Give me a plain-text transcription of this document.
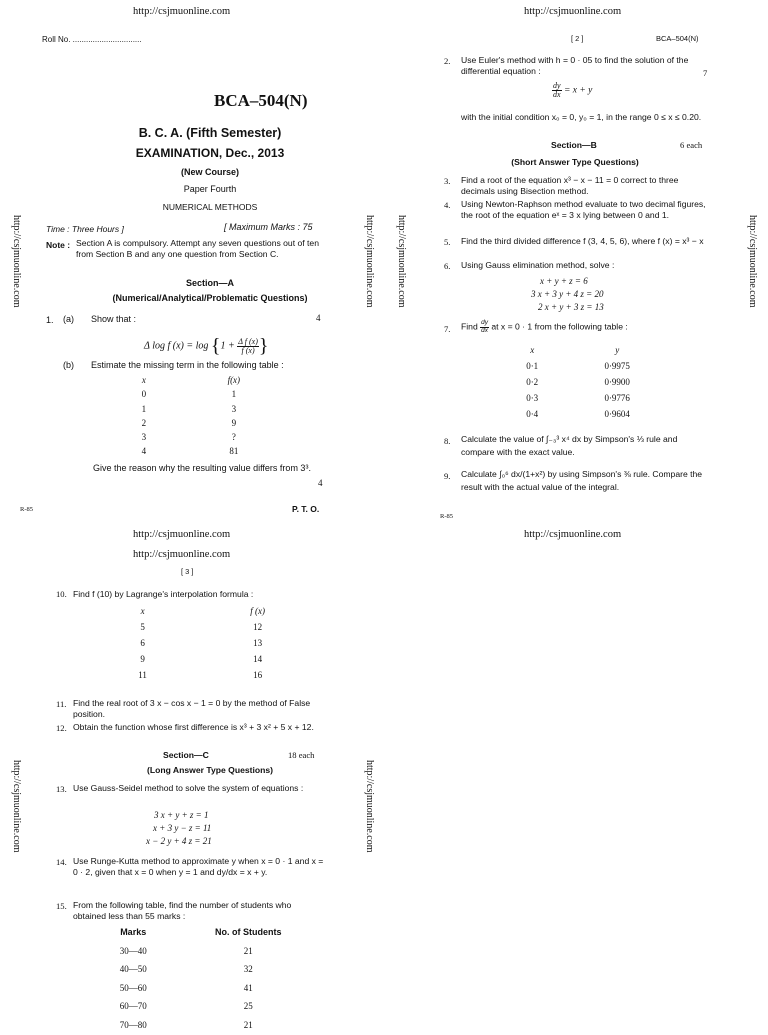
http://csjmuonline.com	http://csjmuonline.com
http://csjmuonline.com	http://csjmuonline.com http://csjmuonline.com	http://csjmuonline.com
http://csjmuonline.com	http://csjmuonline.com
Roll No. ...............................
BCA–504(N)
B. C. A. (Fifth Semester)
EXAMINATION, Dec., 2013
(New Course)
Paper Fourth
NUMERICAL METHODS
Time : Three Hours ]	[ Maximum Marks : 75
Note : Section A is compulsory. Attempt any seven questions out of ten from Section B and any one question from Section C.
Section—A
(Numerical/Analytical/Problematic Questions)
1. (a) Show that :	4
Δ log f $(x) = \log \{1 + \frac{\text{Δ f (x)}}{f (x)}$ }
(b) Estimate the missing term in the following table :
x	f(x)
0	1
1	3
2	9
3	?
4	81
Give the reason why the resulting value differs from 3³.
4
R-85	P. T. O.
[ 2 ]	BCA–504(N)
2. Use Euler's method with h = 0 · 05 to find the solution of the differential equation :	7
$\frac{dy}{dx} = x + y$
with the initial condition x₀ = 0, y₀ = 1, in the range 0 ≤ x ≤ 0.20.
Section—B	6 each
(Short Answer Type Questions)
3. Find a root of the equation x³ − x − 11 = 0 correct to three decimals using Bisection method.
4. Using Newton-Raphson method evaluate to two decimal figures, the root of the equation eˣ = 3 x lying between 0 and 1.
5. Find the third divided difference f (3, 4, 5, 6), where f (x) = x³ − x
6. Using Gauss elimination method, solve :
x + y + z = 6
3 x + 3 y + 4 z = 20
2 x + y + 3 z = 13
7. Find $\frac{dy}{dx}$ at x = 0 · 1 from the following table :
x	y
0·1	0·9975
0·2	0·9900
0·3	0·9776
0·4	0·9604
8. Calculate the value of ∫₋₃³ x⁴ dx by Simpson's ⅓ rule and compare with the exact value.
9. Calculate ∫₀⁶ dx/(1+x²) by using Simpson's ⅜ rule. Compare the result with the actual value of the integral.
R-85
http://csjmuonline.com	http://csjmuonline.com
http://csjmuonline.com
[ 3 ]
10. Find f (10) by Lagrange's interpolation formula :
x	f (x)
5	12
6	13
9	14
11	16
11. Find the real root of 3 x − cos x − 1 = 0 by the method of False position.
12. Obtain the function whose first difference is x³ + 3 x² + 5 x + 12.
Section—C	18 each
(Long Answer Type Questions)
13. Use Gauss-Seidel method to solve the system of equations :
3 x + y + z = 1
x + 3 y − z = 11
x − 2 y + 4 z = 21
14. Use Runge-Kutta method to approximate y when x = 0 · 1 and x = 0 · 2, given that x = 0 when y = 1 and dy/dx = x + y.
15. From the following table, find the number of students who obtained less than 55 marks :
Marks	No. of Students
30—40	21
40—50	32
50—60	41
60—70	25
70—80	21
